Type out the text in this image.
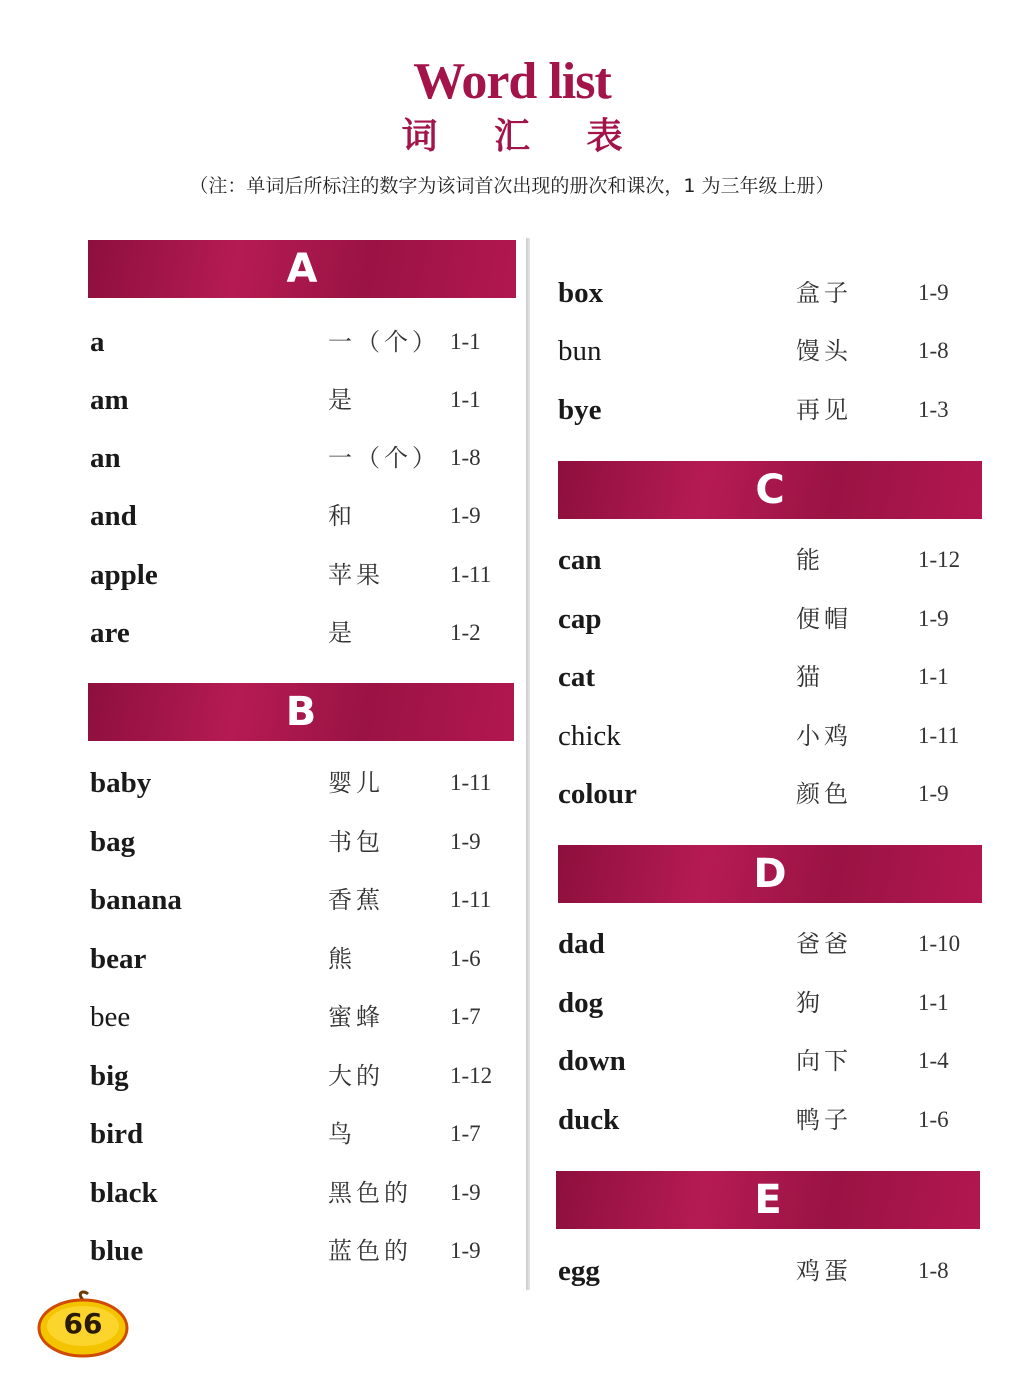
Word list
词 汇 表
（注：单词后所标注的数字为该词首次出现的册次和课次，1 为三年级上册）
A
a	一（个） 1-1
am	是	1-1
an	一（个） 1-8
and	和	1-9
apple	苹果	1-11
are	是	1-2
B
baby	婴儿	1-11
bag	书包	1-9
banana	香蕉	1-11
bear	熊	1-6
bee	蜜蜂	1-7
big	大的	1-12
bird	鸟	1-7
black	黑色的 1-9
blue	蓝色的 1-9
box	盒子	1-9
bun	馒头	1-8
bye	再见	1-3
C
can	能	1-12
cap	便帽	1-9
cat	猫	1-1
chick	小鸡	1-11
colour	颜色	1-9
D
dad	爸爸	1-10
dog	狗	1-1
down	向下	1-4
duck	鸭子	1-6
E
egg	鸡蛋	1-8
66
